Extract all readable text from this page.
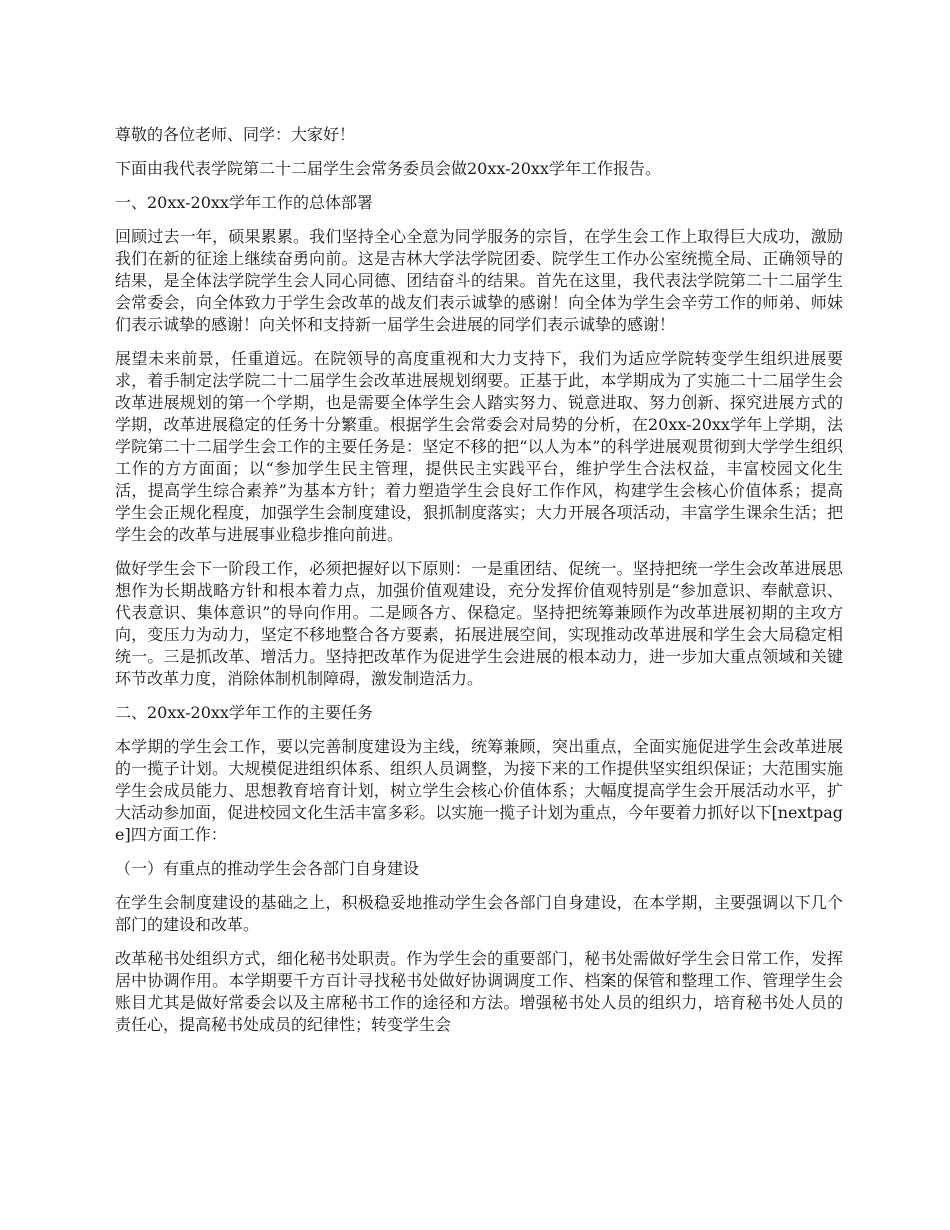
尊敬的各位老师、同学：大家好！

下面由我代表学院第二十二届学生会常务委员会做20xx-20xx学年工作报告。

一、20xx-20xx学年工作的总体部署

回顾过去一年，硕果累累。我们坚持全心全意为同学服务的宗旨，在学生会工作上取得巨大成功，激励我们在新的征途上继续奋勇向前。这是吉林大学法学院团委、院学生工作办公室统揽全局、正确领导的结果，是全体法学院学生会人同心同德、团结奋斗的结果。首先在这里，我代表法学院第二十二届学生会常委会，向全体致力于学生会改革的战友们表示诚挚的感谢！向全体为学生会辛劳工作的师弟、师妹们表示诚挚的感谢！向关怀和支持新一届学生会进展的同学们表示诚挚的感谢！

展望未来前景，任重道远。在院领导的高度重视和大力支持下，我们为适应学院转变学生组织进展要求，着手制定法学院二十二届学生会改革进展规划纲要。正基于此，本学期成为了实施二十二届学生会改革进展规划的第一个学期，也是需要全体学生会人踏实努力、锐意进取、努力创新、探究进展方式的学期，改革进展稳定的任务十分繁重。根据学生会常委会对局势的分析，在20xx-20xx学年上学期，法学院第二十二届学生会工作的主要任务是：坚定不移的把“以人为本”的科学进展观贯彻到大学学生组织工作的方方面面；以“参加学生民主管理，提供民主实践平台，维护学生合法权益，丰富校园文化生活，提高学生综合素养”为基本方针；着力塑造学生会良好工作作风，构建学生会核心价值体系；提高学生会正规化程度，加强学生会制度建设，狠抓制度落实；大力开展各项活动，丰富学生课余生活；把学生会的改革与进展事业稳步推向前进。

做好学生会下一阶段工作，必须把握好以下原则：一是重团结、促统一。坚持把统一学生会改革进展思想作为长期战略方针和根本着力点，加强价值观建设，充分发挥价值观特别是“参加意识、奉献意识、代表意识、集体意识”的导向作用。二是顾各方、保稳定。坚持把统筹兼顾作为改革进展初期的主攻方向，变压力为动力，坚定不移地整合各方要素，拓展进展空间，实现推动改革进展和学生会大局稳定相统一。三是抓改革、增活力。坚持把改革作为促进学生会进展的根本动力，进一步加大重点领域和关键环节改革力度，消除体制机制障碍，激发制造活力。

二、20xx-20xx学年工作的主要任务

本学期的学生会工作，要以完善制度建设为主线，统筹兼顾，突出重点，全面实施促进学生会改革进展的一揽子计划。大规模促进组织体系、组织人员调整，为接下来的工作提供坚实组织保证；大范围实施学生会成员能力、思想教育培育计划，树立学生会核心价值体系；大幅度提高学生会开展活动水平，扩大活动参加面，促进校园文化生活丰富多彩。以实施一揽子计划为重点，今年要着力抓好以下[nextpage]四方面工作：

（一）有重点的推动学生会各部门自身建设

在学生会制度建设的基础之上，积极稳妥地推动学生会各部门自身建设，在本学期，主要强调以下几个部门的建设和改革。

改革秘书处组织方式，细化秘书处职责。作为学生会的重要部门，秘书处需做好学生会日常工作，发挥居中协调作用。本学期要千方百计寻找秘书处做好协调调度工作、档案的保管和整理工作、管理学生会账目尤其是做好常委会以及主席秘书工作的途径和方法。增强秘书处人员的组织力，培育秘书处人员的责任心，提高秘书处成员的纪律性；转变学生会
